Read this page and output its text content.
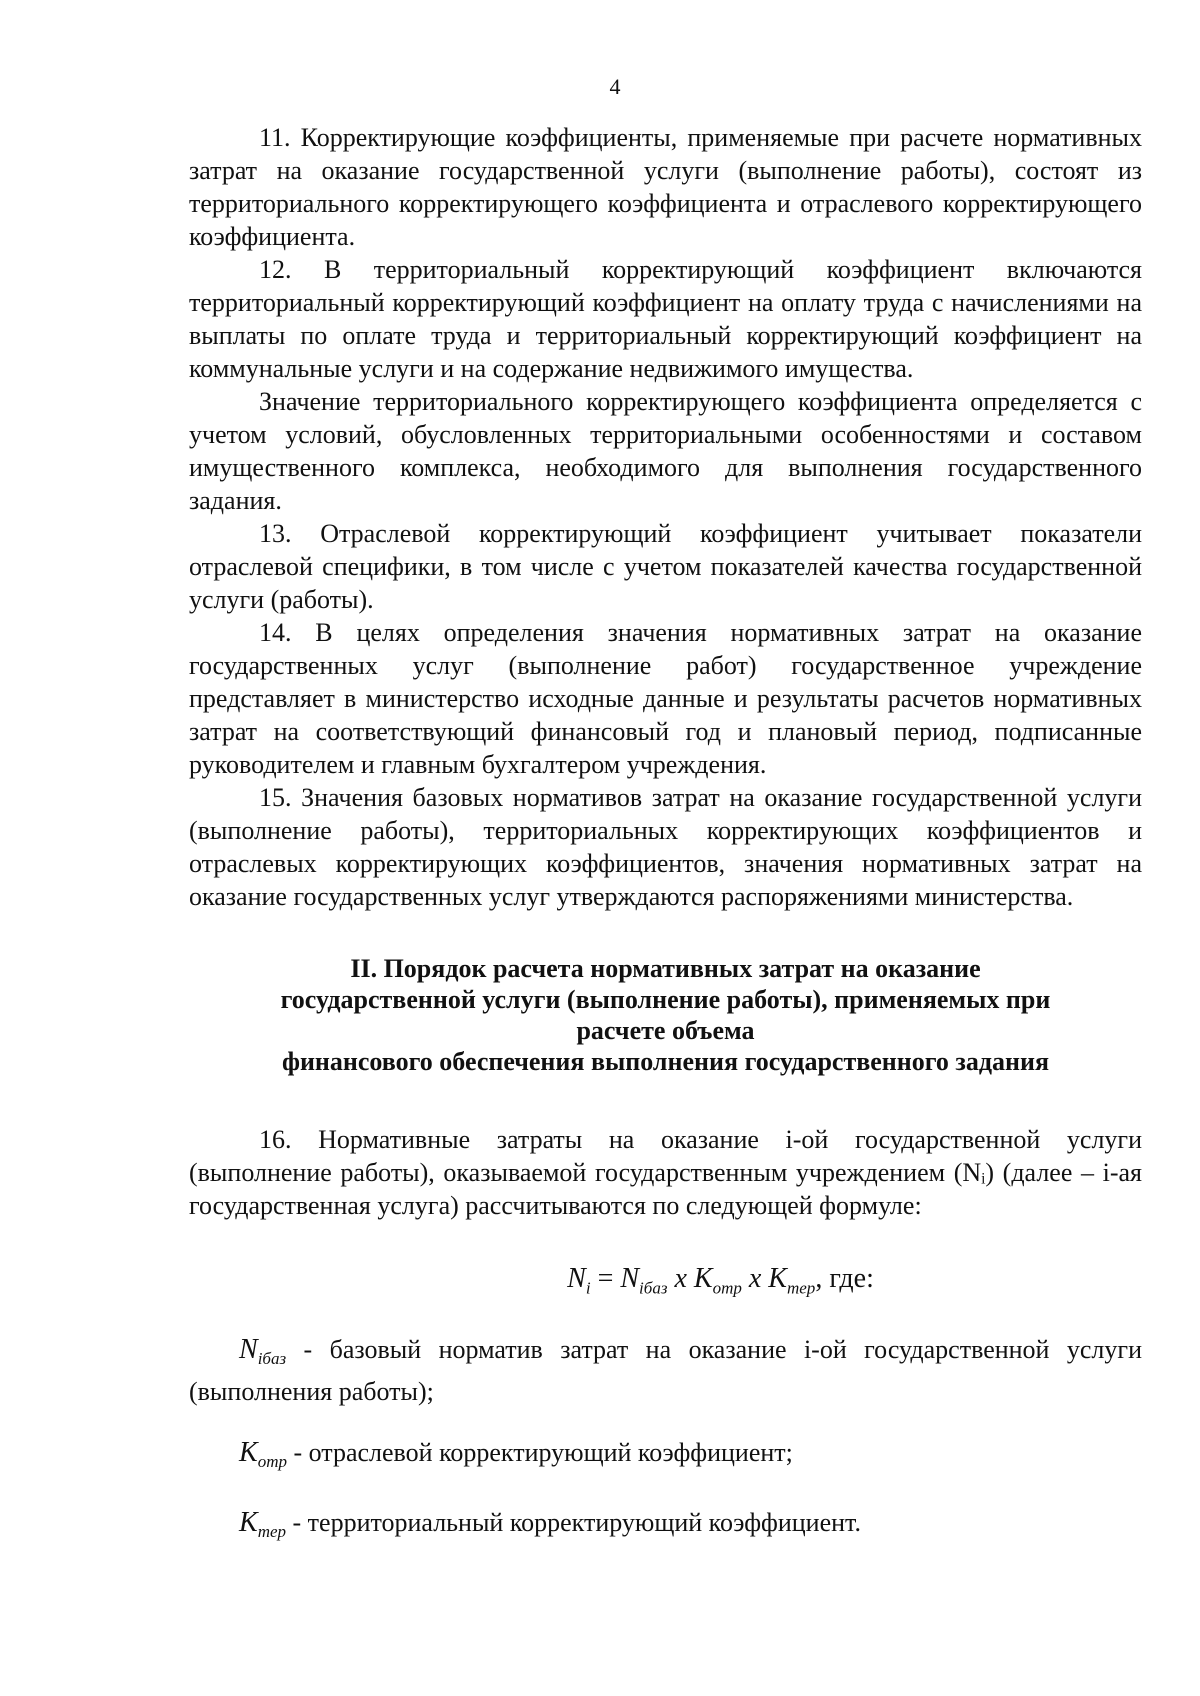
4

11. Корректирующие коэффициенты, применяемые при расчете нормативных затрат на оказание государственной услуги (выполнение работы), состоят из территориального корректирующего коэффициента и отраслевого корректирующего коэффициента.

12. В территориальный корректирующий коэффициент включаются территориальный корректирующий коэффициент на оплату труда с начислениями на выплаты по оплате труда и территориальный корректирующий коэффициент на коммунальные услуги и на содержание недвижимого имущества.

Значение территориального корректирующего коэффициента определяется с учетом условий, обусловленных территориальными особенностями и составом имущественного комплекса, необходимого для выполнения государственного задания.

13. Отраслевой корректирующий коэффициент учитывает показатели отраслевой специфики, в том числе с учетом показателей качества государственной услуги (работы).

14. В целях определения значения нормативных затрат на оказание государственных услуг (выполнение работ) государственное учреждение представляет в министерство исходные данные и результаты расчетов нормативных затрат на соответствующий финансовый год и плановый период, подписанные руководителем и главным бухгалтером учреждения.

15. Значения базовых нормативов затрат на оказание государственной услуги (выполнение работы), территориальных корректирующих коэффициентов и отраслевых корректирующих коэффициентов, значения нормативных затрат на оказание государственных услуг утверждаются распоряжениями министерства.

II. Порядок расчета нормативных затрат на оказание
государственной услуги (выполнение работы), применяемых при
расчете объема
финансового обеспечения выполнения государственного задания

16. Нормативные затраты на оказание i-ой государственной услуги (выполнение работы), оказываемой государственным учреждением (Nᵢ) (далее – i-ая государственная услуга) рассчитываются по следующей формуле:

$N_i = N_{iбаз}$ x $K_{отр}$ x $K_{тер}$, где:

$N_{iбаз}$ - базовый норматив затрат на оказание i-ой государственной услуги (выполнения работы);

$K_{отр}$ - отраслевой корректирующий коэффициент;

$K_{тер}$ - территориальный корректирующий коэффициент.
